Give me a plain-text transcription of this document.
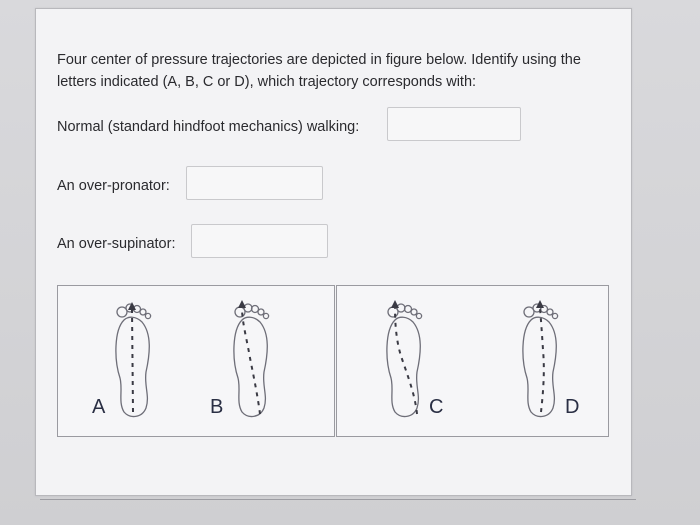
Four center of pressure trajectories are depicted in figure below. Identify using the letters indicated (A, B, C or D), which trajectory corresponds with:
Normal (standard hindfoot mechanics) walking:
An over-pronator:
An over-supinator:
A	B	C	D
